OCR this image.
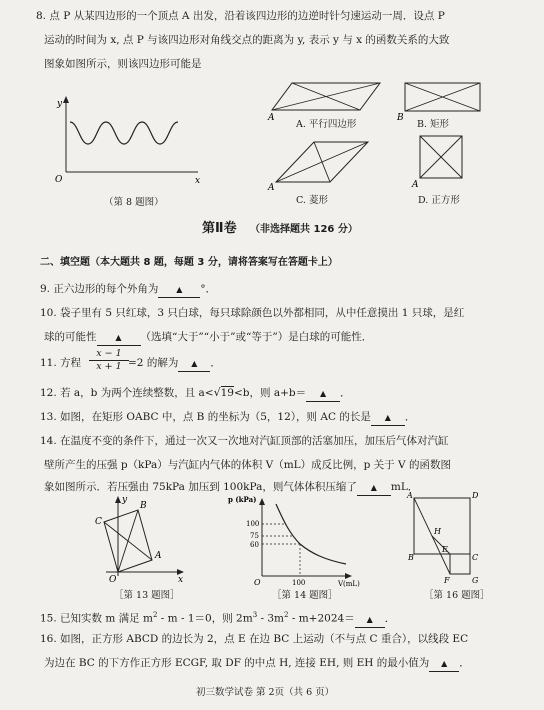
8. 点 P 从某四边形的一个顶点 A 出发，沿着该四边形的边逆时针匀速运动一周．设点 P
运动的时间为 x, 点 P 与该四边形对角线交点的距离为 y, 表示 y 与 x 的函数关系的大致
图象如图所示，则该四边形可能是
y
x
O
（第 8 题图）
A
A. 平行四边形
B
B. 矩形
A
C. 菱形
A
D. 正方形
第Ⅱ卷 （非选择题共 126 分）
二、填空题（本大题共 8 题，每题 3 分，请将答案写在答题卡上）
9. 正六边形的每个外角为 ▲ °．
10. 袋子里有 5 只红球，3 只白球，每只球除颜色以外都相同，从中任意摸出 1 只球，是红
球的可能性 ▲ （选填“大于”“小于”或“等于”）是白球的可能性．
11. 方程
x − 1
x + 1 =2 的解为 ▲ ．
12. 若 a，b 为两个连续整数，且 a<√19<b，则 a+b＝ ▲ ．
13. 如图，在矩形 OABC 中，点 B 的坐标为（5，12），则 AC 的长是 ▲ ．
14. 在温度不变的条件下，通过一次又一次地对汽缸顶部的活塞加压，加压后气体对汽缸
壁所产生的压强 p（kPa）与汽缸内气体的体积 V（mL）成反比例，p 关于 V 的函数图
象如图所示．若压强由 75kPa 加压到 100kPa，则气体体积压缩了 ▲ mL．
y
x
O
A
B
C
［第 13 题图］
p (kPa)
V(mL)
O
100
75
60
100
［第 14 题图］
A
B	C
D
E
F	G
H
［第 16 题图］
15. 已知实数 m 满足 $m^2 - m - 1=0$，则 $2m^3 - 3m^2 - m+2024=$ ▲ ．
16. 如图，正方形 ABCD 的边长为 2，点 E 在边 BC 上运动（不与点 C 重合），以线段 EC
为边在 BC 的下方作正方形 ECGF, 取 DF 的中点 H, 连接 EH, 则 EH 的最小值为 ▲ ．
初三数学试卷 第 2页（共 6 页）
